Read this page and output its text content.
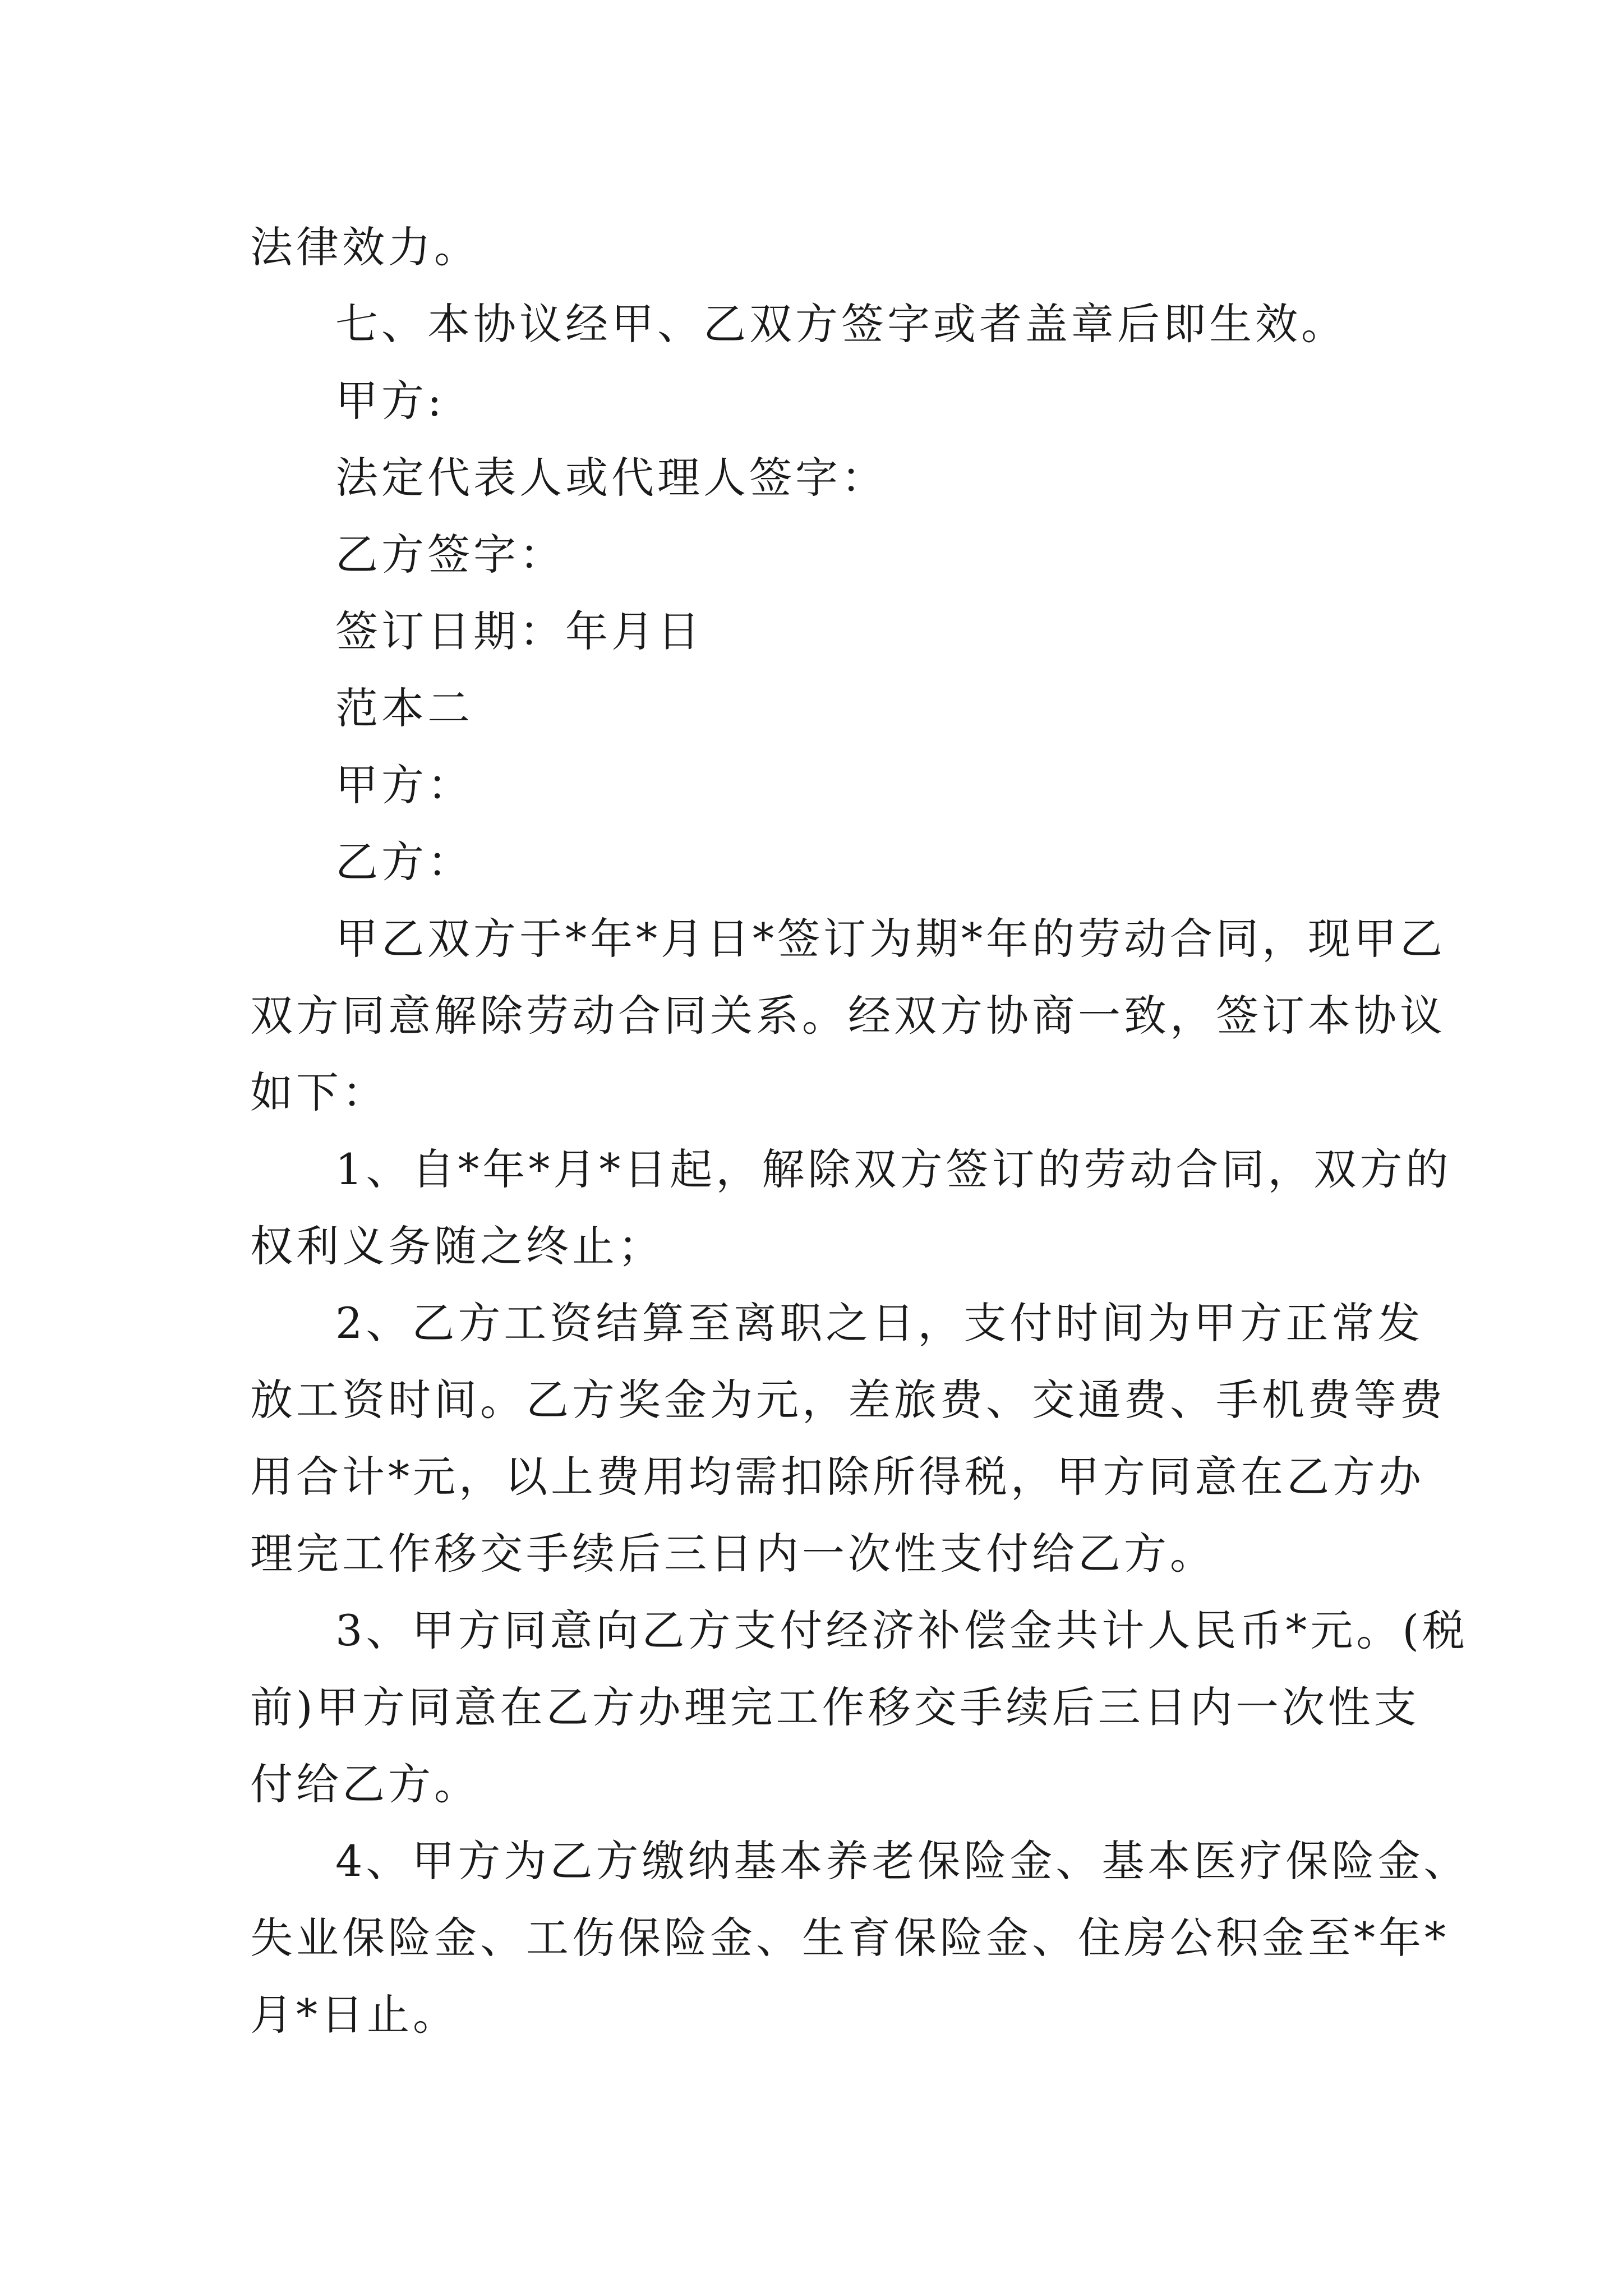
法律效力。

七、本协议经甲、乙双方签字或者盖章后即生效。

甲方:

法定代表人或代理人签字：

乙方签字：

签订日期：年月日

范本二

甲方：

乙方：

甲乙双方于*年*月日*签订为期*年的劳动合同，现甲乙
双方同意解除劳动合同关系。经双方协商一致，签订本协议
如下：

1、自*年*月*日起，解除双方签订的劳动合同，双方的
权利义务随之终止；

2、乙方工资结算至离职之日，支付时间为甲方正常发
放工资时间。乙方奖金为元，差旅费、交通费、手机费等费
用合计*元，以上费用均需扣除所得税，甲方同意在乙方办
理完工作移交手续后三日内一次性支付给乙方。

3、甲方同意向乙方支付经济补偿金共计人民币*元。(税
前)甲方同意在乙方办理完工作移交手续后三日内一次性支
付给乙方。

4、甲方为乙方缴纳基本养老保险金、基本医疗保险金、
失业保险金、工伤保险金、生育保险金、住房公积金至*年*
月*日止。
